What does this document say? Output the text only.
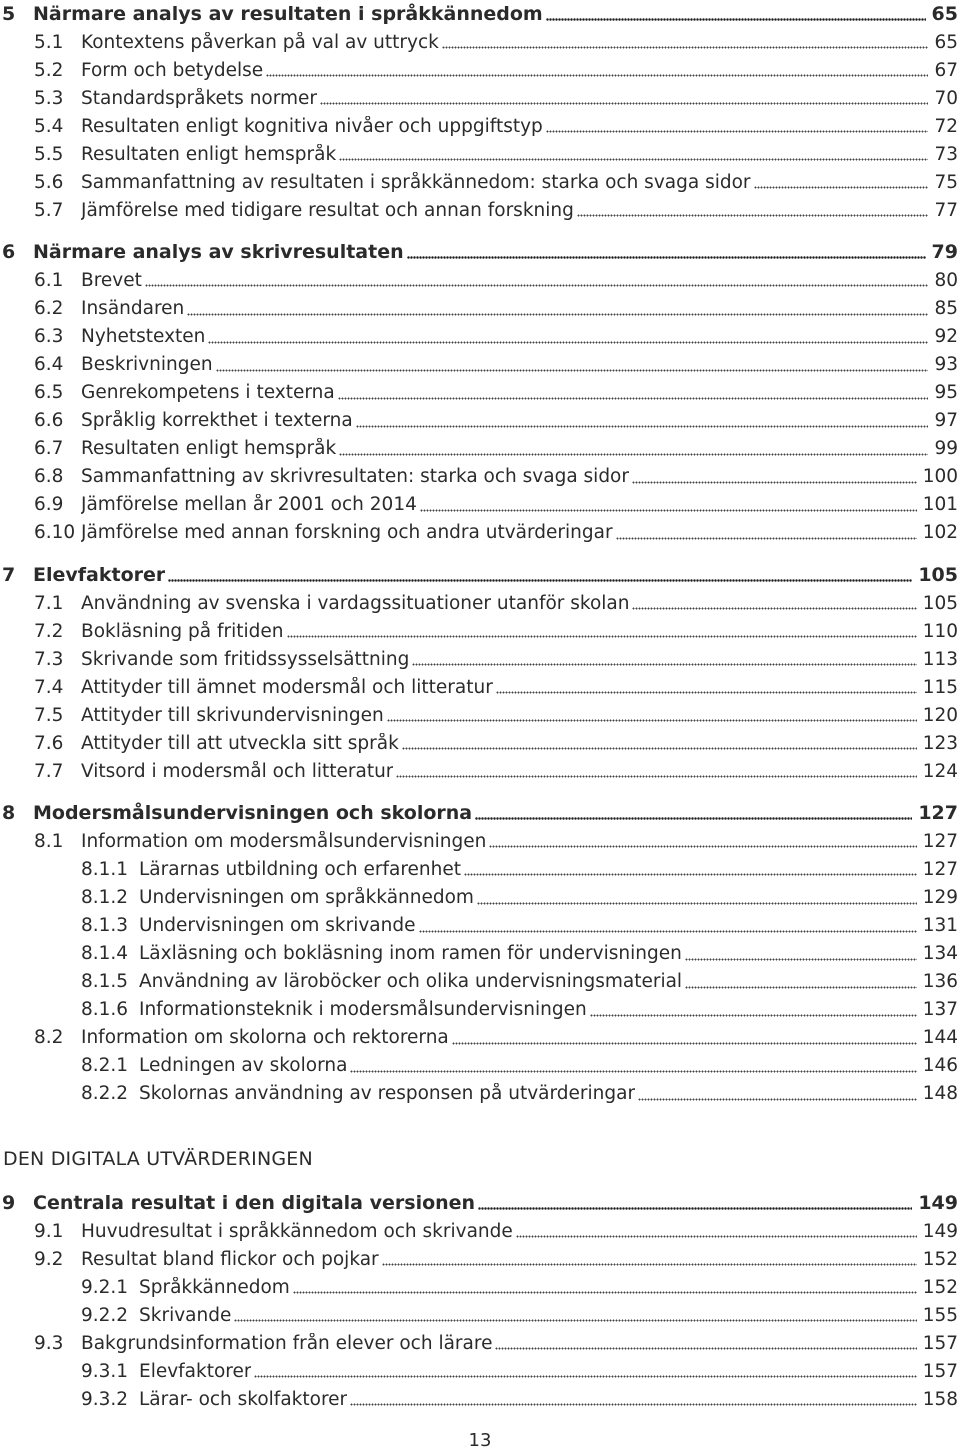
5 Närmare analys av resultaten i språkkännedom	65
5.1 Kontextens påverkan på val av uttryck	65
5.2 Form och betydelse	67
5.3 Standardspråkets normer	70
5.4 Resultaten enligt kognitiva nivåer och uppgiftstyp	72
5.5 Resultaten enligt hemspråk	73
5.6 Sammanfattning av resultaten i språkkännedom: starka och svaga sidor	75
5.7 Jämförelse med tidigare resultat och annan forskning	77
6 Närmare analys av skrivresultaten	79
6.1 Brevet	80
6.2 Insändaren	85
6.3 Nyhetstexten	92
6.4 Beskrivningen	93
6.5 Genrekompetens i texterna	95
6.6 Språklig korrekthet i texterna	97
6.7 Resultaten enligt hemspråk	99
6.8 Sammanfattning av skrivresultaten: starka och svaga sidor	100
6.9 Jämförelse mellan år 2001 och 2014	101
6.10 Jämförelse med annan forskning och andra utvärderingar	102
7 Elevfaktorer	105
7.1 Användning av svenska i vardagssituationer utanför skolan	105
7.2 Bokläsning på fritiden	110
7.3 Skrivande som fritidssysselsättning	113
7.4 Attityder till ämnet modersmål och litteratur	115
7.5 Attityder till skrivundervisningen	120
7.6 Attityder till att utveckla sitt språk	123
7.7 Vitsord i modersmål och litteratur	124
8 Modersmålsundervisningen och skolorna	127
8.1 Information om modersmålsundervisningen	127
8.1.1 Lärarnas utbildning och erfarenhet	127
8.1.2 Undervisningen om språkkännedom	129
8.1.3 Undervisningen om skrivande	131
8.1.4 Läxläsning och bokläsning inom ramen för undervisningen	134
8.1.5 Användning av läroböcker och olika undervisningsmaterial	136
8.1.6 Informationsteknik i modersmålsundervisningen	137
8.2 Information om skolorna och rektorerna	144
8.2.1 Ledningen av skolorna	146
8.2.2 Skolornas användning av responsen på utvärderingar	148
9 Centrala resultat i den digitala versionen	149
9.1 Huvudresultat i språkkännedom och skrivande	149
9.2 Resultat bland flickor och pojkar	152
9.2.1 Språkkännedom	152
9.2.2 Skrivande	155
9.3 Bakgrundsinformation från elever och lärare	157
9.3.1 Elevfaktorer	157
9.3.2 Lärar- och skolfaktorer	158
DEN DIGITALA UTVÄRDERINGEN
13
